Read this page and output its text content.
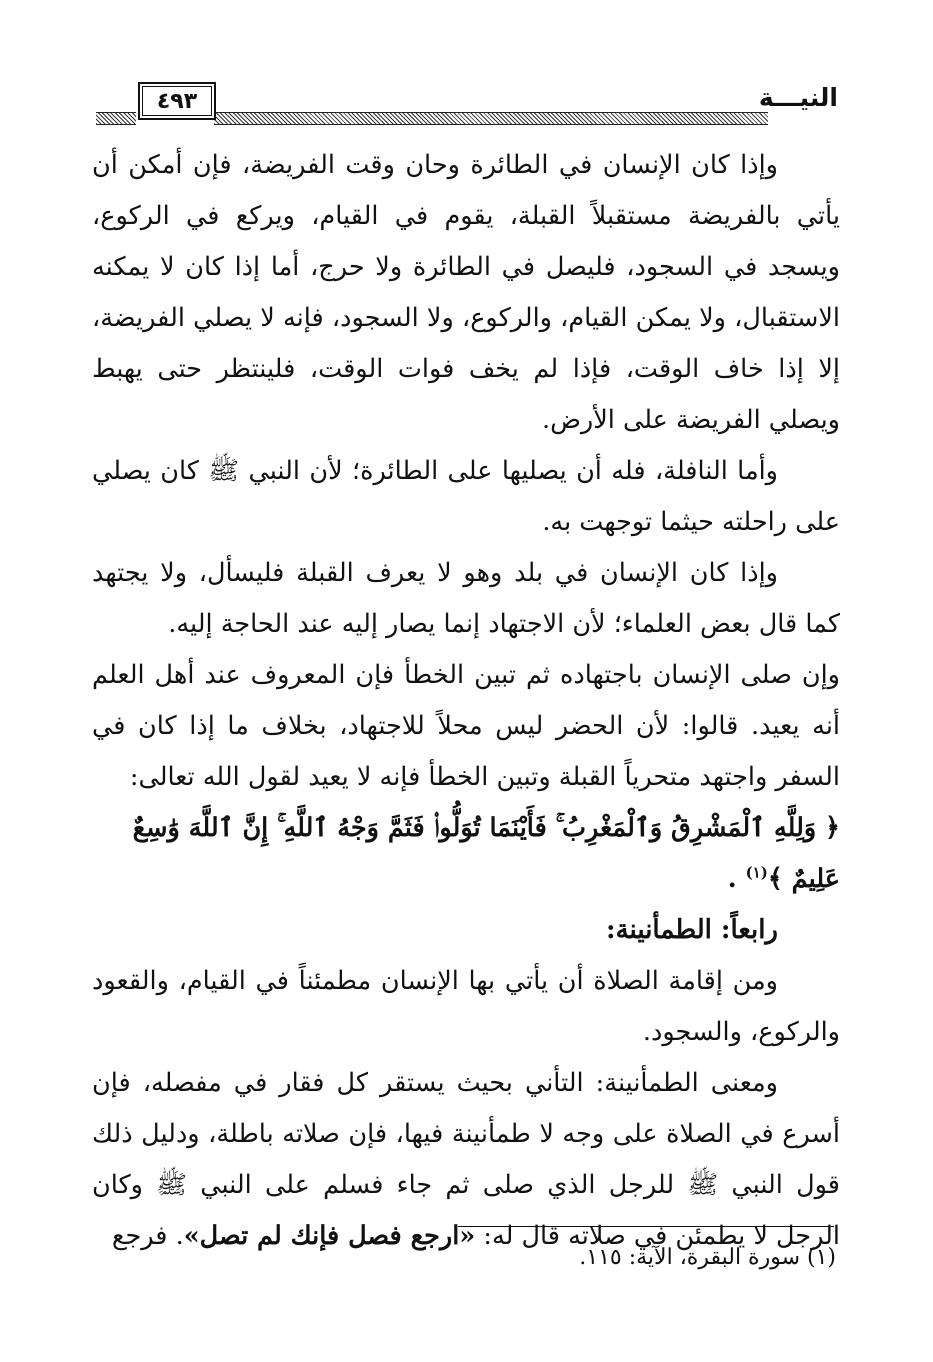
النيـــة
٤٩٣

وإذا كان الإنسان في الطائرة وحان وقت الفريضة، فإن أمكن أن يأتي بالفريضة مستقبلاً القبلة، يقوم في القيام، ويركع في الركوع، ويسجد في السجود، فليصل في الطائرة ولا حرج، أما إذا كان لا يمكنه الاستقبال، ولا يمكن القيام، والركوع، ولا السجود، فإنه لا يصلي الفريضة، إلا إذا خاف الوقت، فإذا لم يخف فوات الوقت، فلينتظر حتى يهبط ويصلي الفريضة على الأرض.

وأما النافلة، فله أن يصليها على الطائرة؛ لأن النبي ﷺ كان يصلي على راحلته حيثما توجهت به.

وإذا كان الإنسان في بلد وهو لا يعرف القبلة فليسأل، ولا يجتهد كما قال بعض العلماء؛ لأن الاجتهاد إنما يصار إليه عند الحاجة إليه.

وإن صلى الإنسان باجتهاده ثم تبين الخطأ فإن المعروف عند أهل العلم أنه يعيد. قالوا: لأن الحضر ليس محلاً للاجتهاد، بخلاف ما إذا كان في السفر واجتهد متحرياً القبلة وتبين الخطأ فإنه لا يعيد لقول الله تعالى:

﴿ وَلِلَّهِ ٱلْمَشْرِقُ وَٱلْمَغْرِبُ ۚ فَأَيْنَمَا تُوَلُّوا۟ فَثَمَّ وَجْهُ ٱللَّهِ ۚ إِنَّ ٱللَّهَ وَٰسِعٌ عَلِيمٌ ﴾$^{(١)}$ .

رابعاً: الطمأنينة:

ومن إقامة الصلاة أن يأتي بها الإنسان مطمئناً في القيام، والقعود والركوع، والسجود.

ومعنى الطمأنينة: التأني بحيث يستقر كل فقار في مفصله، فإن أسرع في الصلاة على وجه لا طمأنينة فيها، فإن صلاته باطلة، ودليل ذلك قول النبي ﷺ للرجل الذي صلى ثم جاء فسلم على النبي ﷺ وكان الرجل لا يطمئن في صلاته قال له: «ارجع فصل فإنك لم تصل». فرجع

(١) سورة البقرة، الآية: ١١٥.
